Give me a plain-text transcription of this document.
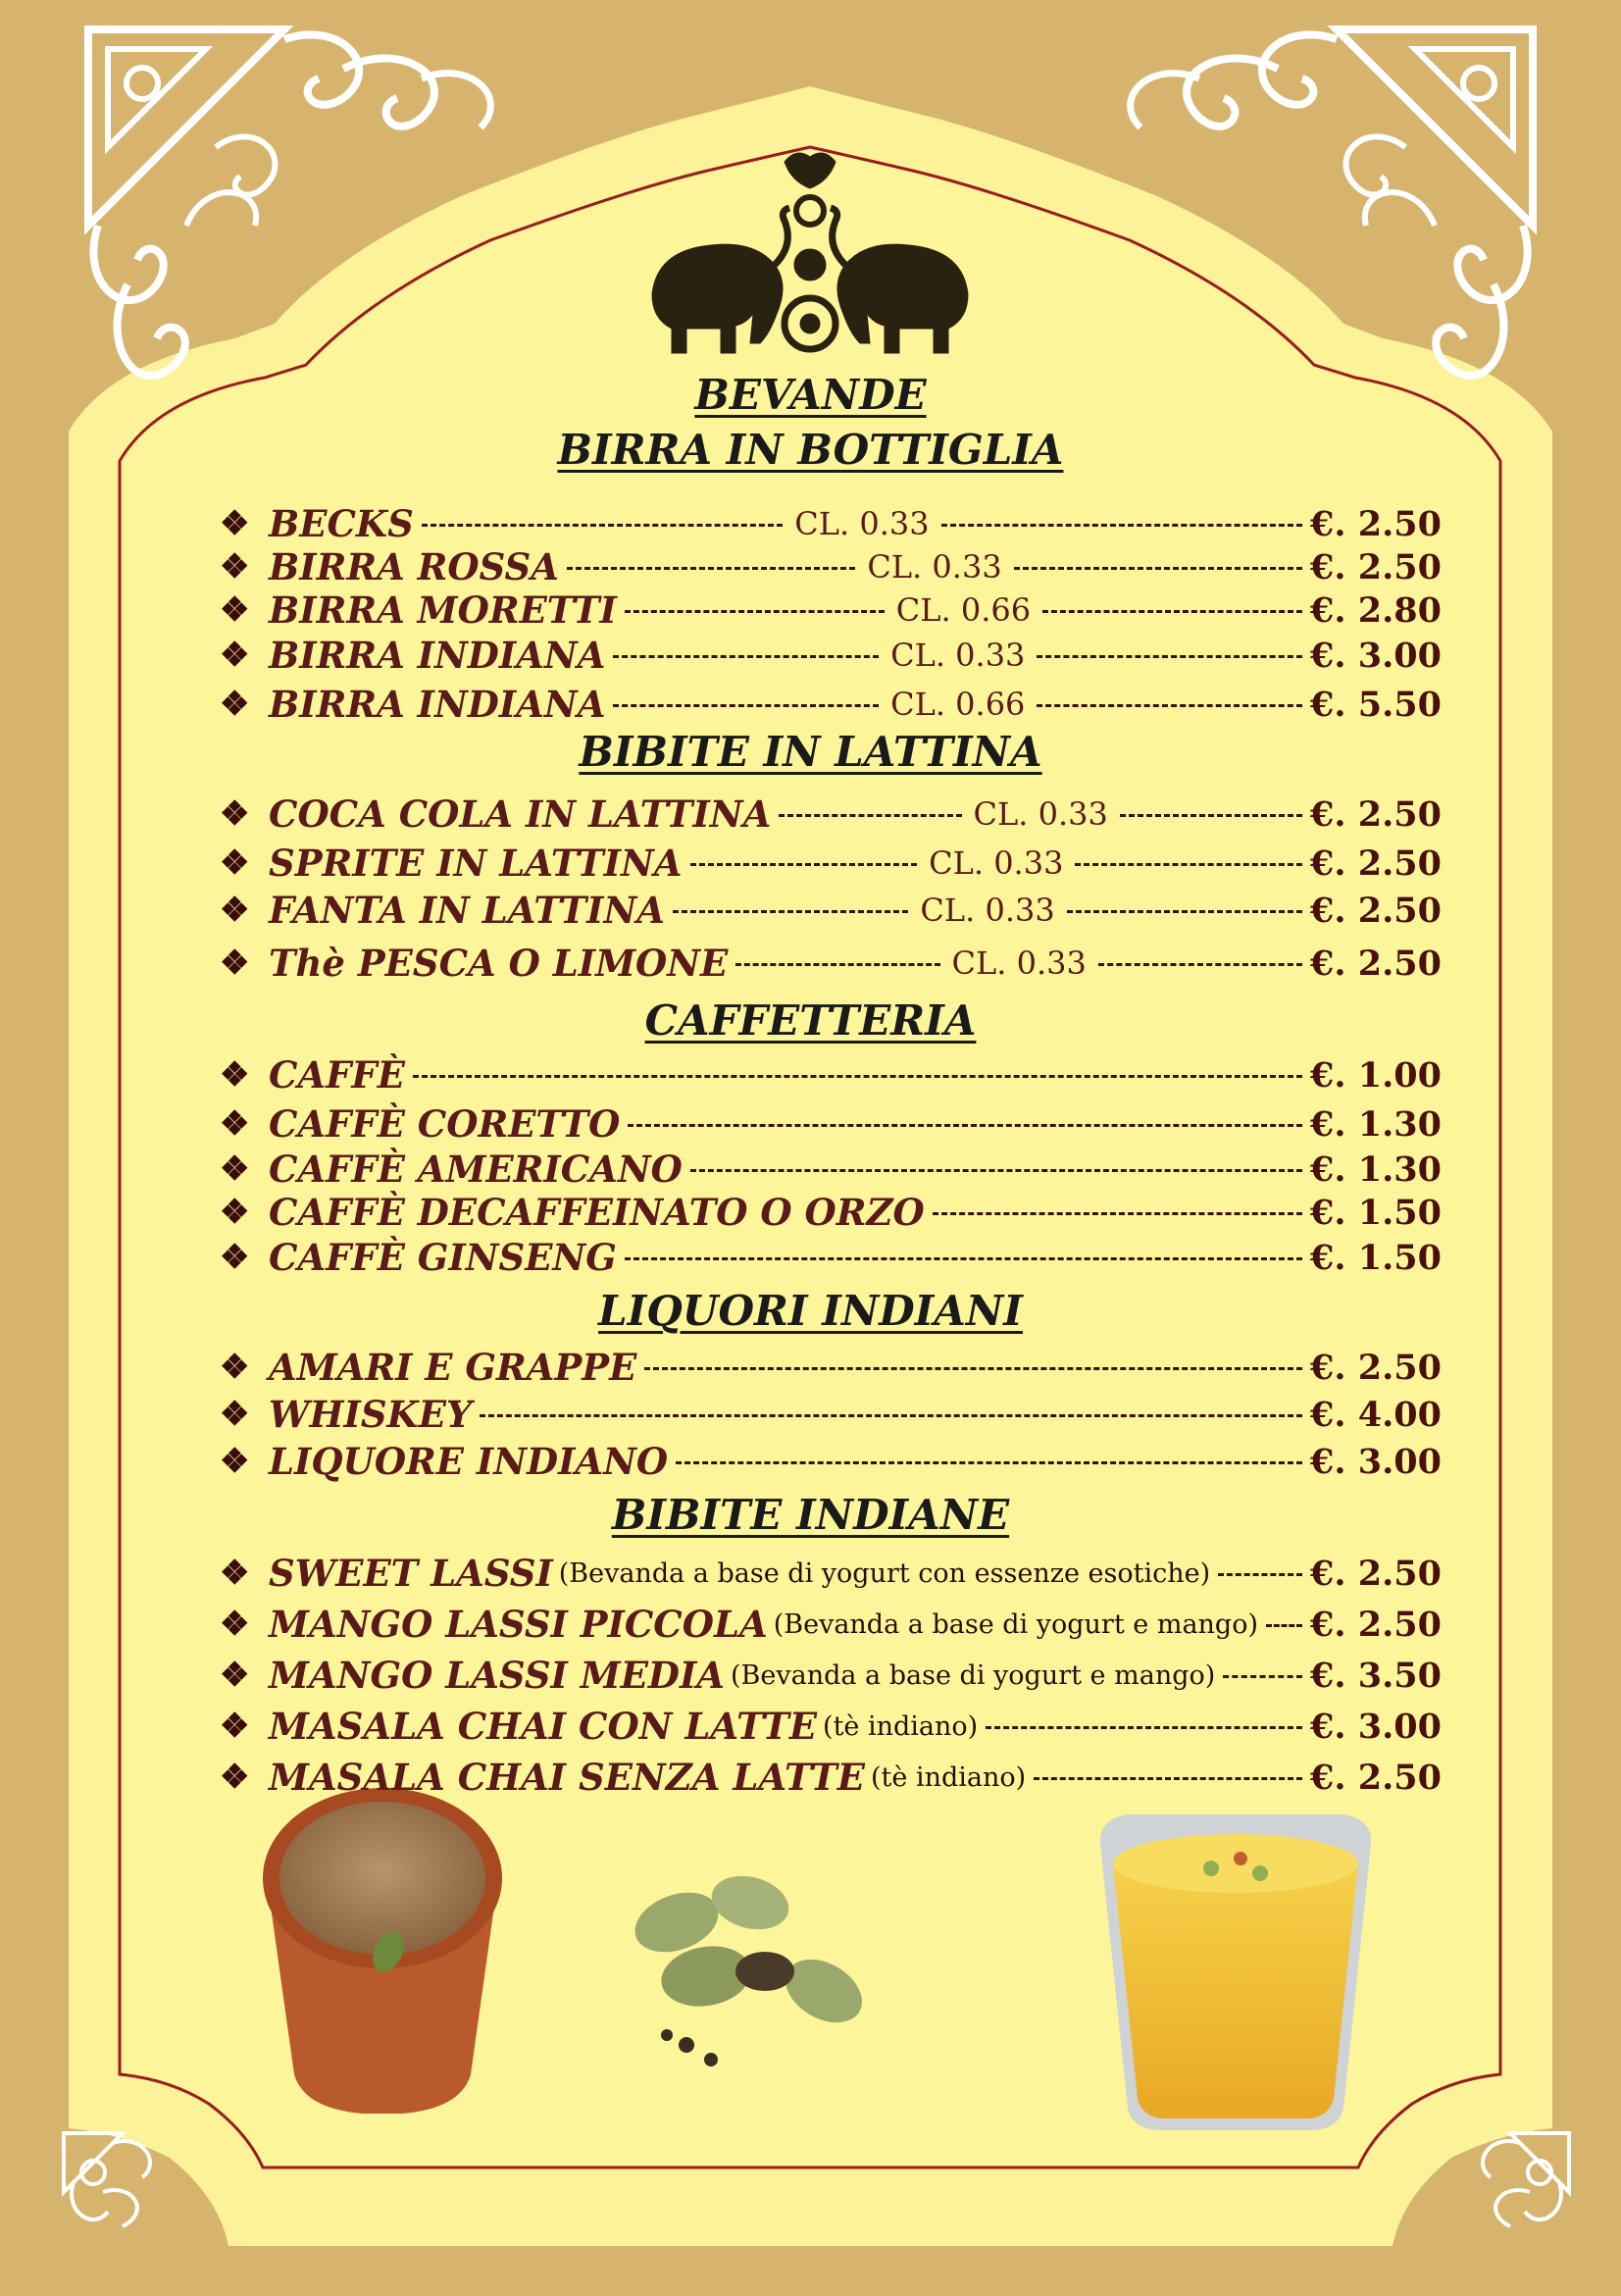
BEVANDE
BIRRA IN BOTTIGLIA
❖ BECKS	CL. 0.33	€. 2.50
❖ BIRRA ROSSA	CL. 0.33	€. 2.50
❖ BIRRA MORETTI	CL. 0.66	€. 2.80
❖ BIRRA INDIANA	CL. 0.33	€. 3.00
❖ BIRRA INDIANA	CL. 0.66	€. 5.50
BIBITE IN LATTINA
❖ COCA COLA IN LATTINA	CL. 0.33	€. 2.50
❖ SPRITE IN LATTINA	CL. 0.33	€. 2.50
❖ FANTA IN LATTINA	CL. 0.33	€. 2.50
❖ Thè PESCA O LIMONE	CL. 0.33	€. 2.50
CAFFETTERIA
❖ CAFFÈ	€. 1.00
❖ CAFFÈ CORETTO	€. 1.30
❖ CAFFÈ AMERICANO	€. 1.30
❖ CAFFÈ DECAFFEINATO O ORZO	€. 1.50
❖ CAFFÈ GINSENG	€. 1.50
LIQUORI INDIANI
❖ AMARI E GRAPPE	€. 2.50
❖ WHISKEY	€. 4.00
❖ LIQUORE INDIANO	€. 3.00
BIBITE INDIANE
❖ SWEET LASSI (Bevanda a base di yogurt con essenze esotiche)	€. 2.50
❖ MANGO LASSI PICCOLA (Bevanda a base di yogurt e mango) €. 2.50
❖ MANGO LASSI MEDIA (Bevanda a base di yogurt e mango)	€. 3.50
❖ MASALA CHAI CON LATTE (tè indiano)	€. 3.00
❖ MASALA CHAI SENZA LATTE (tè indiano)	€. 2.50
